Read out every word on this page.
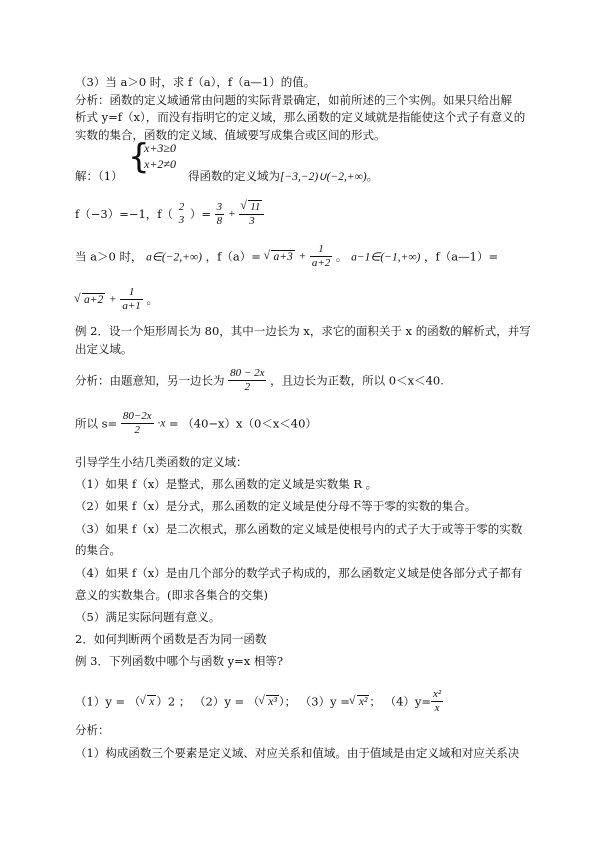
（3）当 a＞0 时，求 f（a），f（a—1）的值。
分析：函数的定义域通常由问题的实际背景确定，如前所述的三个实例。如果只给出解
析式 y=f（x），而没有指明它的定义域，那么函数的定义域就是指能使这个式子有意义的
实数的集合，函数的定义域、值域要写成集合或区间的形式。
解：（1） {
x+3≥0
x+2≠0
得函数的定义域为[−3,−2)∪(−2,+∞)。
f（−3）=−1，f（ 2
3 ）= $\frac{3}{8}$ + √ $\frac{11}{3}$
当 a＞0 时， a∈(−2,+∞) ，f（a）= √ $a+3 + \frac{1}{a+2}$ 。 a−1∈(−1,+∞) ，f（a—1）=
√ $a+2 + \frac{1}{a+1}$ 。
例 2．设一个矩形周长为 80，其中一边长为 x，求它的面积关于 x 的函数的解析式，并写
出定义域。
分析：由题意知，另一边长为 $\frac{80 - 2x}{2}$ ，且边长为正数，所以 0＜x＜40.
所以 $s= \frac{80-2x}{2} \cdot x = (40-x)x(0<x<40)$
引导学生小结几类函数的定义域：
（1）如果 f（x）是整式，那么函数的定义域是实数集 R 。
（2）如果 f（x）是分式，那么函数的定义域是使分母不等于零的实数的集合。
（3）如果 f（x）是二次根式，那么函数的定义域是使根号内的式子大于或等于零的实数
的集合。
（4）如果 f（x）是由几个部分的数学式子构成的，那么函数定义域是使各部分式子都有
意义的实数集合。(即求各集合的交集)
（5）满足实际问题有意义。
2．如何判断两个函数是否为同一函数
例 3．下列函数中哪个与函数 y=x 相等?
（1）y = （ √ x ）2 ； （2）y = （ √ x³ ）； （3）y = √ x² ； $(4)y= \frac{\text{x²}}{x}$
分析：
（1）构成函数三个要素是定义域、对应关系和值域。由于值域是由定义域和对应关系决
